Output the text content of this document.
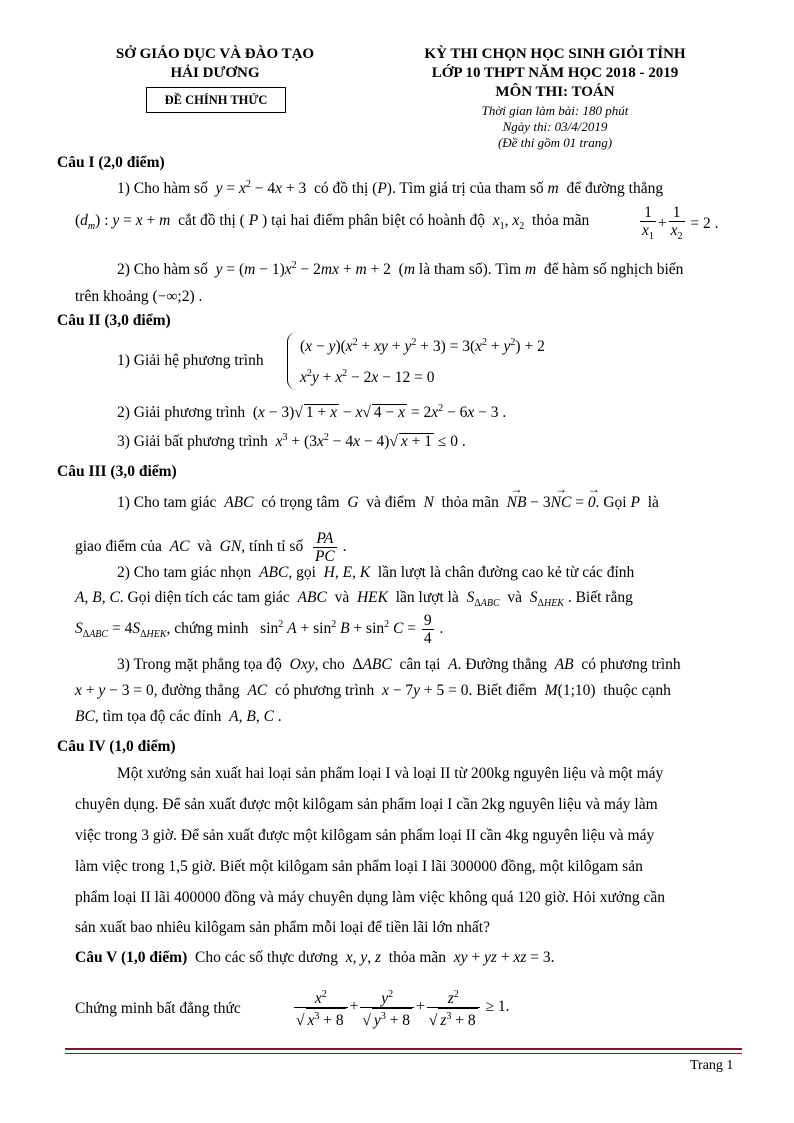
SỞ GIÁO DỤC VÀ ĐÀO TẠO
HẢI DƯƠNG
ĐỀ CHÍNH THỨC
KỲ THI CHỌN HỌC SINH GIỎI TỈNH
LỚP 10 THPT NĂM HỌC 2018 - 2019
MÔN THI: TOÁN
Thời gian làm bài: 180 phút
Ngày thi: 03/4/2019
(Đề thi gồm 01 trang)
Câu I (2,0 điểm)
1) Cho hàm số $y = x^2 - 4x + 3$  có đồ thị (P). Tìm giá trị của tham số m để đường thẳng
$(d_m)$ : y = x + m cắt đồ thị ( P ) tại hai điểm phân biệt có hoành độ $x_1$, $x_2$ thỏa mãn	$\frac{1}{x_1} + \frac{1}{x_2} = 2$ .
2) Cho hàm số $y = (m - 1)x^2 - 2mx + m + 2$  (m là tham số). Tìm m để hàm số nghịch biến
trên khoảng (−∞;2) .
Câu II (3,0 điểm)
1) Giải hệ phương trình
$(x - y)(x^2$ + xy + $y^2 + 3) = 3(x^2 + y^2) + 2$
$x^2y + x^2 - 2x - 12 = 0$
2) Giải phương trình  (x − 3)√ 1 + x − x√ $4 - x = 2x^2 - 6x - 3$ .
3) Giải bất phương trình $x^3 + (3x^2 - 4x - 4)√$ x + 1 ≤ 0 .
Câu III (3,0 điểm)
1) Cho tam giác ABC có trọng tâm G và điểm N thỏa mãn  → NB − 3→ NC = → 0. Gọi P là
giao điểm của AC và GN, tính tỉ số $\frac{PA}{PC}$ .
2) Cho tam giác nhọn ABC, gọi H, E, K lần lượt là chân đường cao kẻ từ các đỉnh
A, B, C. Gọi diện tích các tam giác ABC và HEK lần lượt là $S_{\Delta ABC}$ và $S_{\Delta HEK}$ . Biết rằng
$S_{\Delta ABC} = 4S_{\Delta HEK}$, chứng minh   $\sin^2 A + \sin^2 B + \sin^2 C = \frac{9}{4}$ .
3) Trong mặt phẳng tọa độ Oxy, cho  ΔABC cân tại A. Đường thẳng AB có phương trình
x + y − 3 = 0, đường thẳng AC có phương trình x − 7y + 5 = 0. Biết điểm M(1;10)  thuộc cạnh
BC, tìm tọa độ các đỉnh A, B, C .
Câu IV (1,0 điểm)
Một xưởng sản xuất hai loại sản phẩm loại I và loại II từ 200kg nguyên liệu và một máy
chuyên dụng. Để sản xuất được một kilôgam sản phẩm loại I cần 2kg nguyên liệu và máy làm
việc trong 3 giờ. Để sản xuất được một kilôgam sản phẩm loại II cần 4kg nguyên liệu và máy
làm việc trong 1,5 giờ. Biết một kilôgam sản phẩm loại I lãi 300000 đồng, một kilôgam sản
phẩm loại II lãi 400000 đồng và máy chuyên dụng làm việc không quá 120 giờ. Hỏi xưởng cần
sản xuất bao nhiêu kilôgam sản phẩm mỗi loại để tiền lãi lớn nhất?
Câu V (1,0 điểm) Cho các số thực dương x, y, z thỏa mãn xy + yz + xz = 3.
Chứng minh bất đẳng thức	$\frac{x^2}{√ x^3 + 8} + \frac{y^2}{√ y^3 + 8} + \frac{z^2}{√ z^3 + 8} \ge 1$.
Trang 1
